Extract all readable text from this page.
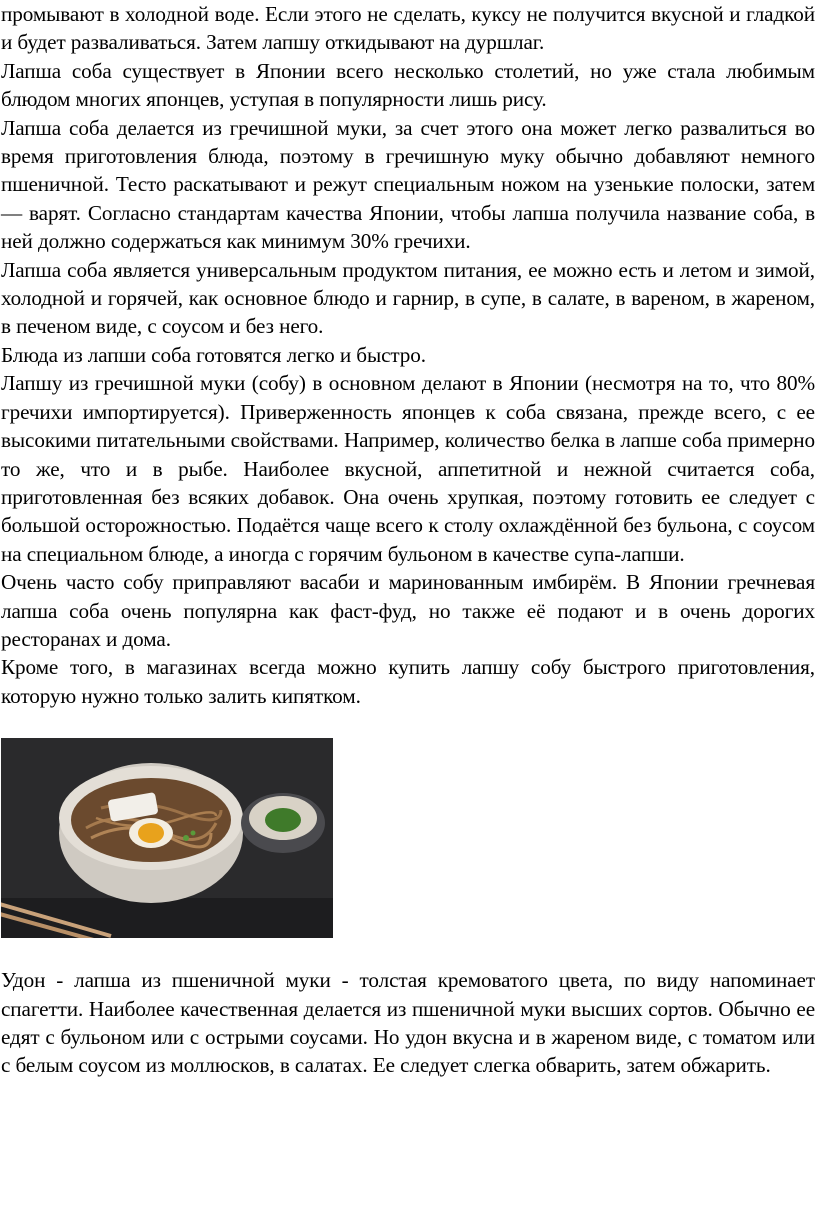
промывают в холодной воде. Если этого не сделать, куксу не получится вкусной и гладкой и будет разваливаться. Затем лапшу откидывают на дуршлаг.

Лапша соба существует в Японии всего несколько столетий, но уже стала любимым блюдом многих японцев, уступая в популярности лишь рису.

Лапша соба делается из гречишной муки, за счет этого она может легко развалиться во время приготовления блюда, поэтому в гречишную муку обычно добавляют немного пшеничной. Тесто раскатывают и режут специальным ножом на узенькие полоски, затем — варят. Согласно стандартам качества Японии, чтобы лапша получила название соба, в ней должно содержаться как минимум 30% гречихи.

Лапша соба является универсальным продуктом питания, ее можно есть и летом и зимой, холодной и горячей, как основное блюдо и гарнир, в супе, в салате, в вареном, в жареном, в печеном виде, с соусом и без него.

Блюда из лапши соба готовятся легко и быстро.

Лапшу из гречишной муки (собу) в основном делают в Японии (несмотря на то, что 80% гречихи импортируется). Приверженность японцев к соба связана, прежде всего, с ее высокими питательными свойствами. Например, количество белка в лапше соба примерно то же, что и в рыбе. Наиболее вкусной, аппетитной и нежной считается соба, приготовленная без всяких добавок. Она очень хрупкая, поэтому готовить ее следует с большой осторожностью. Подаётся чаще всего к столу охлаждённой без бульона, с соусом на специальном блюде, а иногда с горячим бульоном в качестве супа-лапши.

Очень часто собу приправляют васаби и маринованным имбирём. В Японии гречневая лапша соба очень популярна как фаст-фуд, но также её подают и в очень дорогих ресторанах и дома.

Кроме того, в магазинах всегда можно купить лапшу собу быстрого приготовления, которую нужно только залить кипятком.

Удон - лапша из пшеничной муки - толстая кремоватого цвета, по виду напоминает спагетти. Наиболее качественная делается из пшеничной муки высших сортов. Обычно ее едят с бульоном или с острыми соусами. Но удон вкусна и в жареном виде, с томатом или с белым соусом из моллюсков, в салатах. Ее следует слегка обварить, затем обжарить.
